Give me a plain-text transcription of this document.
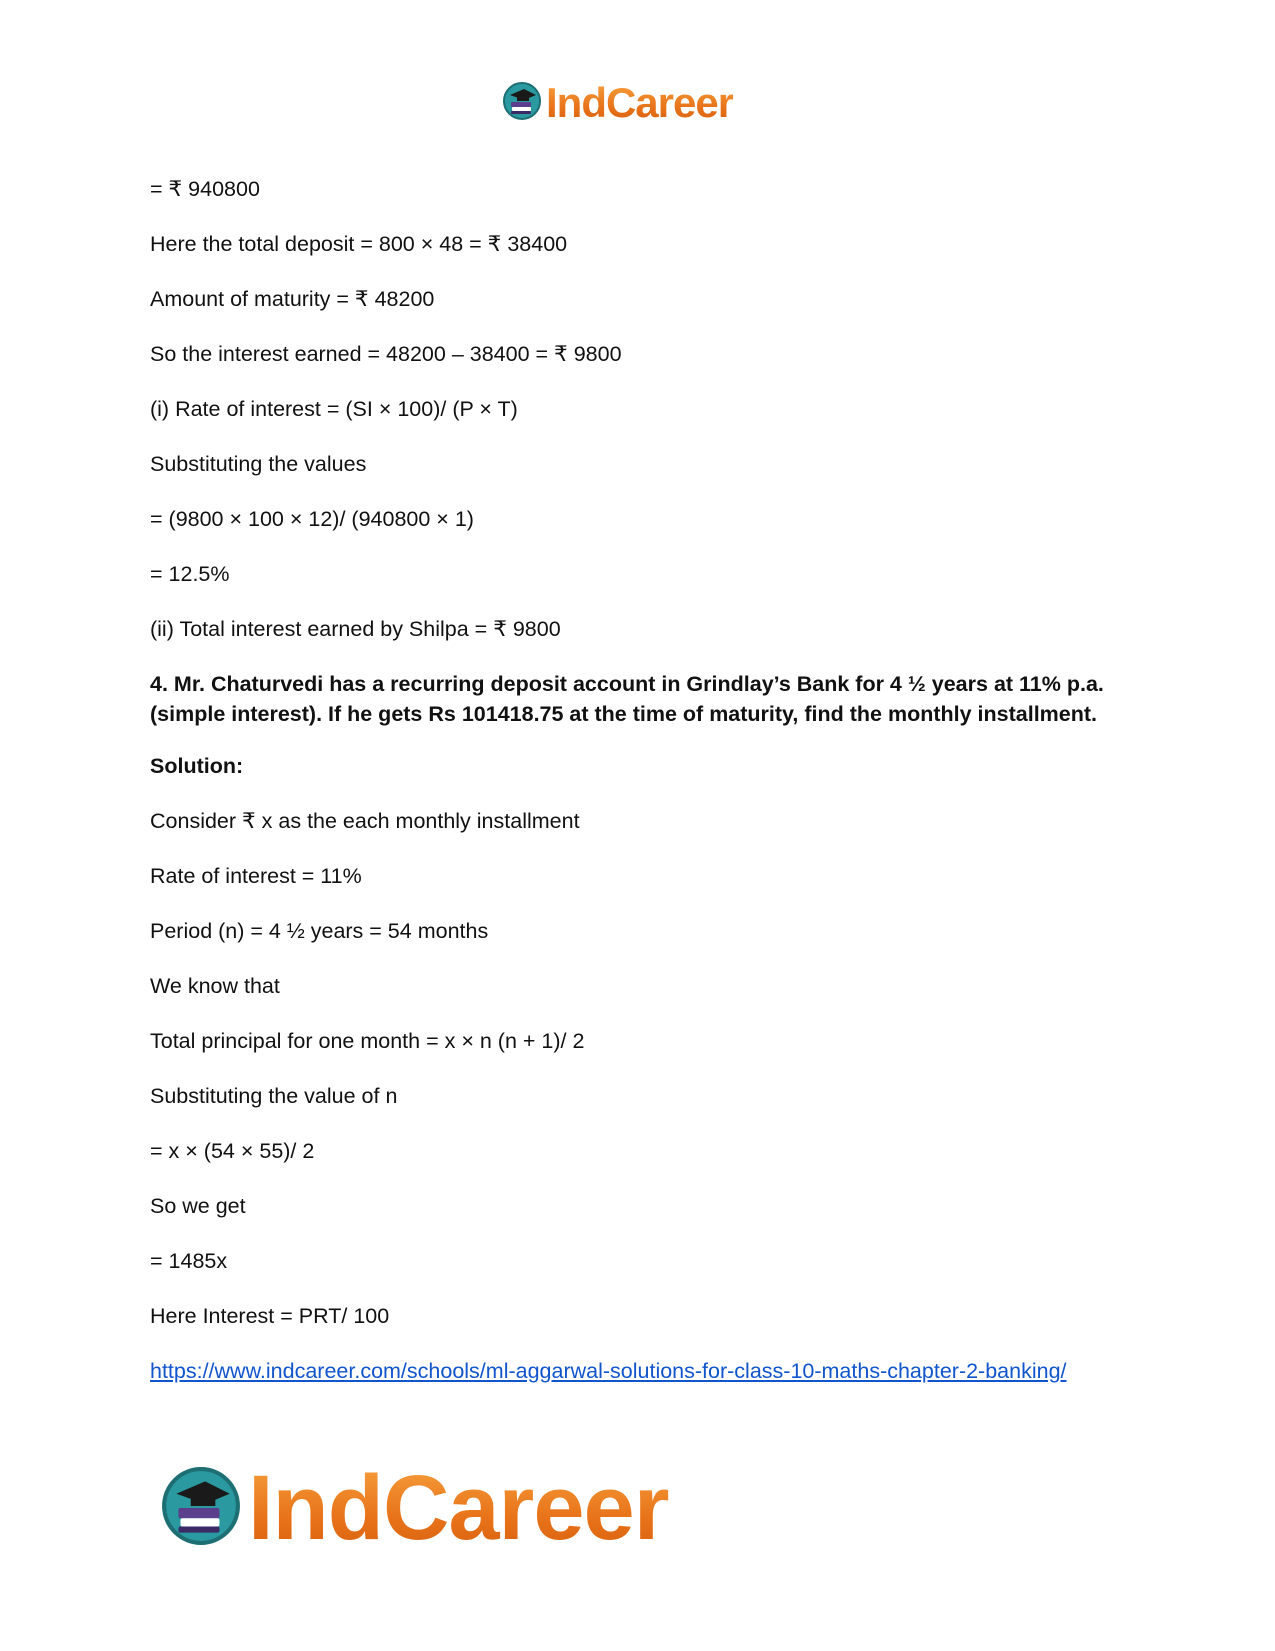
IndCareer

= ₹ 940800

Here the total deposit = 800 × 48 = ₹ 38400

Amount of maturity = ₹ 48200

So the interest earned = 48200 – 38400 = ₹ 9800

(i) Rate of interest = (SI × 100)/ (P × T)

Substituting the values

= (9800 × 100 × 12)/ (940800 × 1)

= 12.5%

(ii) Total interest earned by Shilpa = ₹ 9800

4. Mr. Chaturvedi has a recurring deposit account in Grindlay’s Bank for 4 ½ years at 11% p.a. (simple interest). If he gets Rs 101418.75 at the time of maturity, find the monthly installment.

Solution:

Consider ₹ x as the each monthly installment

Rate of interest = 11%

Period (n) = 4 ½ years = 54 months

We know that

Total principal for one month = x × n (n + 1)/ 2

Substituting the value of n

= x × (54 × 55)/ 2

So we get

= 1485x

Here Interest = PRT/ 100

https://www.indcareer.com/schools/ml-aggarwal-solutions-for-class-10-maths-chapter-2-banking/
IndCareer
